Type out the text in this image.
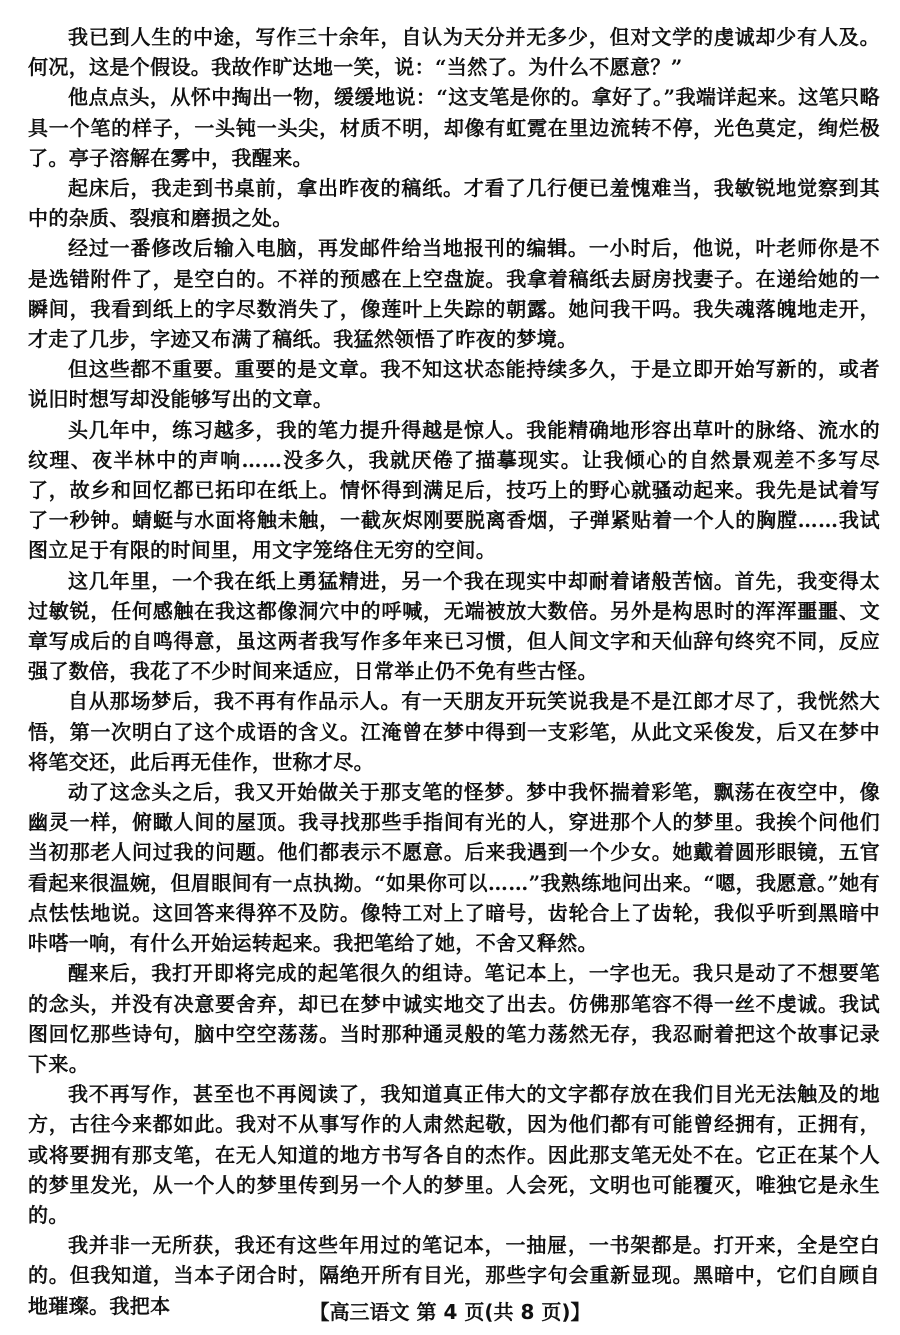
我已到人生的中途，写作三十余年，自认为天分并无多少，但对文学的虔诚却少有人及。何况，这是个假设。我故作旷达地一笑，说：“当然了。为什么不愿意？”

他点点头，从怀中掏出一物，缓缓地说：“这支笔是你的。拿好了。”我端详起来。这笔只略具一个笔的样子，一头钝一头尖，材质不明，却像有虹霓在里边流转不停，光色莫定，绚烂极了。亭子溶解在雾中，我醒来。

起床后，我走到书桌前，拿出昨夜的稿纸。才看了几行便已羞愧难当，我敏锐地觉察到其中的杂质、裂痕和磨损之处。

经过一番修改后输入电脑，再发邮件给当地报刊的编辑。一小时后，他说，叶老师你是不是选错附件了，是空白的。不祥的预感在上空盘旋。我拿着稿纸去厨房找妻子。在递给她的一瞬间，我看到纸上的字尽数消失了，像莲叶上失踪的朝露。她问我干吗。我失魂落魄地走开，才走了几步，字迹又布满了稿纸。我猛然领悟了昨夜的梦境。

但这些都不重要。重要的是文章。我不知这状态能持续多久，于是立即开始写新的，或者说旧时想写却没能够写出的文章。

头几年中，练习越多，我的笔力提升得越是惊人。我能精确地形容出草叶的脉络、流水的纹理、夜半林中的声响……没多久，我就厌倦了描摹现实。让我倾心的自然景观差不多写尽了，故乡和回忆都已拓印在纸上。情怀得到满足后，技巧上的野心就骚动起来。我先是试着写了一秒钟。蜻蜓与水面将触未触，一截灰烬刚要脱离香烟，子弹紧贴着一个人的胸膛……我试图立足于有限的时间里，用文字笼络住无穷的空间。

这几年里，一个我在纸上勇猛精进，另一个我在现实中却耐着诸般苦恼。首先，我变得太过敏锐，任何感触在我这都像洞穴中的呼喊，无端被放大数倍。另外是构思时的浑浑噩噩、文章写成后的自鸣得意，虽这两者我写作多年来已习惯，但人间文字和天仙辞句终究不同，反应强了数倍，我花了不少时间来适应，日常举止仍不免有些古怪。

自从那场梦后，我不再有作品示人。有一天朋友开玩笑说我是不是江郎才尽了，我恍然大悟，第一次明白了这个成语的含义。江淹曾在梦中得到一支彩笔，从此文采俊发，后又在梦中将笔交还，此后再无佳作，世称才尽。

动了这念头之后，我又开始做关于那支笔的怪梦。梦中我怀揣着彩笔，飘荡在夜空中，像幽灵一样，俯瞰人间的屋顶。我寻找那些手指间有光的人，穿进那个人的梦里。我挨个问他们当初那老人问过我的问题。他们都表示不愿意。后来我遇到一个少女。她戴着圆形眼镜，五官看起来很温婉，但眉眼间有一点执拗。“如果你可以……”我熟练地问出来。“嗯，我愿意。”她有点怯怯地说。这回答来得猝不及防。像特工对上了暗号，齿轮合上了齿轮，我似乎听到黑暗中咔嗒一响，有什么开始运转起来。我把笔给了她，不舍又释然。

醒来后，我打开即将完成的起笔很久的组诗。笔记本上，一字也无。我只是动了不想要笔的念头，并没有决意要舍弃，却已在梦中诚实地交了出去。仿佛那笔容不得一丝不虔诚。我试图回忆那些诗句，脑中空空荡荡。当时那种通灵般的笔力荡然无存，我忍耐着把这个故事记录下来。

我不再写作，甚至也不再阅读了，我知道真正伟大的文字都存放在我们目光无法触及的地方，古往今来都如此。我对不从事写作的人肃然起敬，因为他们都有可能曾经拥有，正拥有，或将要拥有那支笔，在无人知道的地方书写各自的杰作。因此那支笔无处不在。它正在某个人的梦里发光，从一个人的梦里传到另一个人的梦里。人会死，文明也可能覆灭，唯独它是永生的。

我并非一无所获，我还有这些年用过的笔记本，一抽屉，一书架都是。打开来，全是空白的。但我知道，当本子闭合时，隔绝开所有目光，那些字句会重新显现。黑暗中，它们自顾自地璀璨。我把本	【高三语文 第 4 页(共 8 页)】
